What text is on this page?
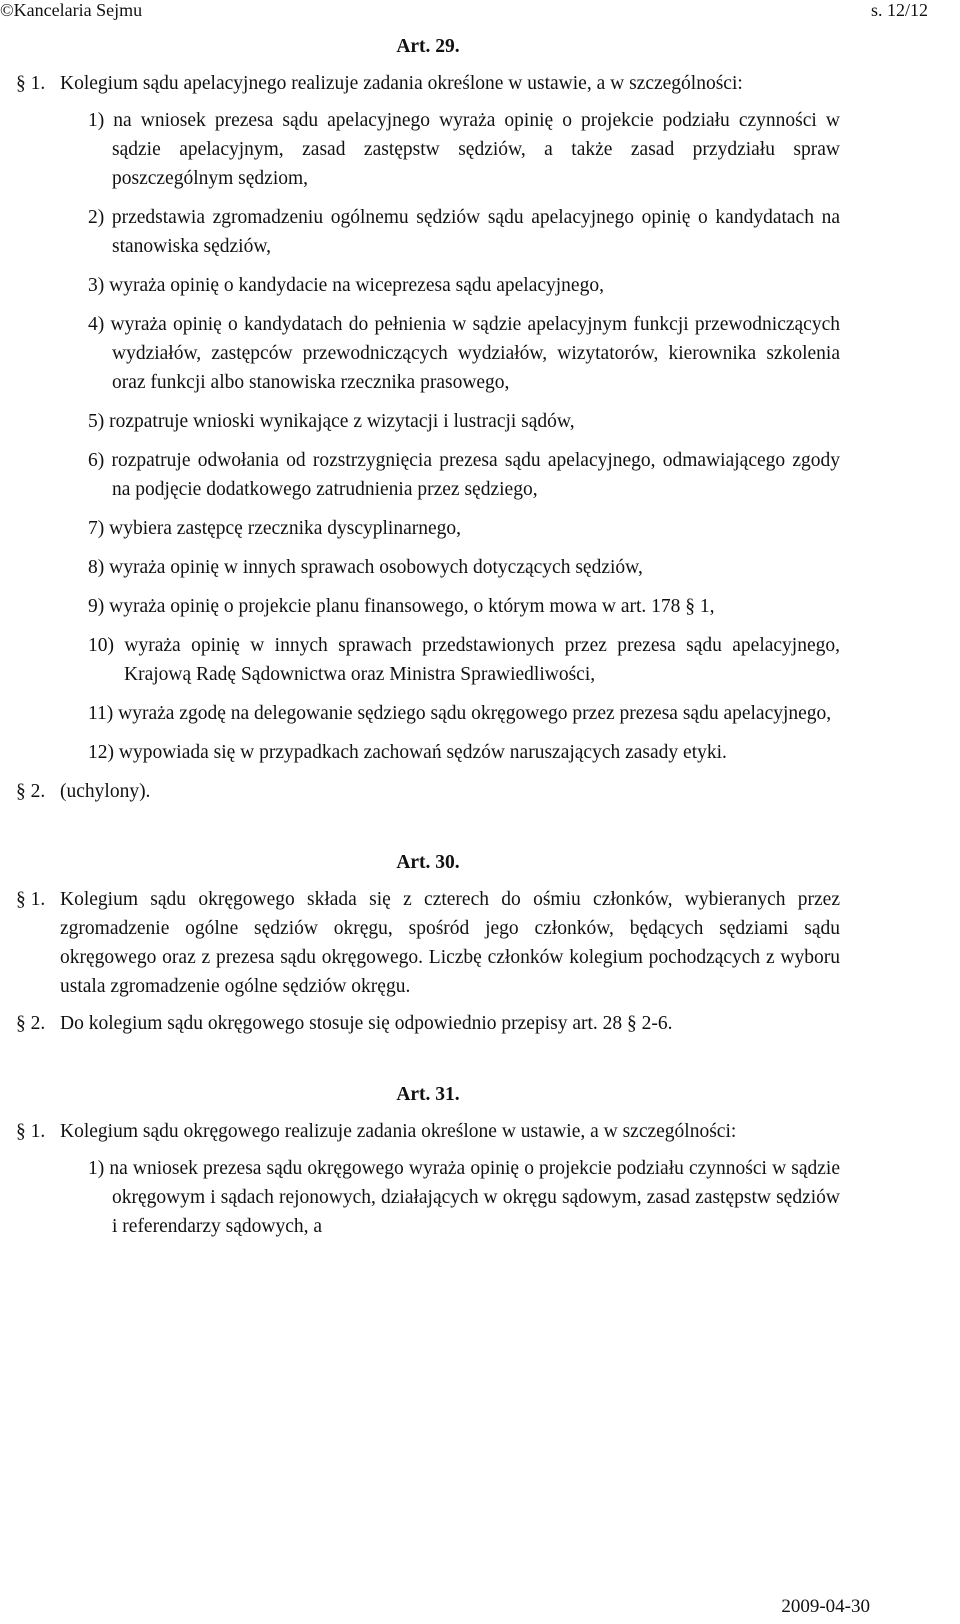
©Kancelaria Sejmu	s. 12/12
Art. 29.
§ 1. Kolegium sądu apelacyjnego realizuje zadania określone w ustawie, a w szczególności:
1) na wniosek prezesa sądu apelacyjnego wyraża opinię o projekcie podziału czynności w sądzie apelacyjnym, zasad zastępstw sędziów, a także zasad przydziału spraw poszczególnym sędziom,
2) przedstawia zgromadzeniu ogólnemu sędziów sądu apelacyjnego opinię o kandydatach na stanowiska sędziów,
3) wyraża opinię o kandydacie na wiceprezesa sądu apelacyjnego,
4) wyraża opinię o kandydatach do pełnienia w sądzie apelacyjnym funkcji przewodniczących wydziałów, zastępców przewodniczących wydziałów, wizytatorów, kierownika szkolenia oraz funkcji albo stanowiska rzecznika prasowego,
5) rozpatruje wnioski wynikające z wizytacji i lustracji sądów,
6) rozpatruje odwołania od rozstrzygnięcia prezesa sądu apelacyjnego, odmawiającego zgody na podjęcie dodatkowego zatrudnienia przez sędziego,
7) wybiera zastępcę rzecznika dyscyplinarnego,
8) wyraża opinię w innych sprawach osobowych dotyczących sędziów,
9) wyraża opinię o projekcie planu finansowego, o którym mowa w art. 178 § 1,
10) wyraża opinię w innych sprawach przedstawionych przez prezesa sądu apelacyjnego, Krajową Radę Sądownictwa oraz Ministra Sprawiedliwości,
11) wyraża zgodę na delegowanie sędziego sądu okręgowego przez prezesa sądu apelacyjnego,
12) wypowiada się w przypadkach zachowań sędzów naruszających zasady etyki.
§ 2. (uchylony).
Art. 30.
§ 1. Kolegium sądu okręgowego składa się z czterech do ośmiu członków, wybieranych przez zgromadzenie ogólne sędziów okręgu, spośród jego członków, będących sędziami sądu okręgowego oraz z prezesa sądu okręgowego. Liczbę członków kolegium pochodzących z wyboru ustala zgromadzenie ogólne sędziów okręgu.
§ 2. Do kolegium sądu okręgowego stosuje się odpowiednio przepisy art. 28 § 2-6.
Art. 31.
§ 1. Kolegium sądu okręgowego realizuje zadania określone w ustawie, a w szczególności:
1) na wniosek prezesa sądu okręgowego wyraża opinię o projekcie podziału czynności w sądzie okręgowym i sądach rejonowych, działających w okręgu sądowym, zasad zastępstw sędziów i referendarzy sądowych, a
2009-04-30
